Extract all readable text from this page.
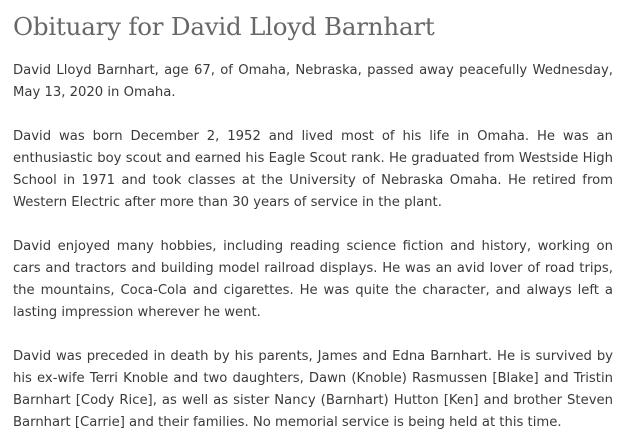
Obituary for David Lloyd Barnhart

David Lloyd Barnhart, age 67, of Omaha, Nebraska, passed away peacefully Wednesday, May 13, 2020 in Omaha.

David was born December 2, 1952 and lived most of his life in Omaha. He was an enthusiastic boy scout and earned his Eagle Scout rank. He graduated from Westside High School in 1971 and took classes at the University of Nebraska Omaha. He retired from Western Electric after more than 30 years of service in the plant.

David enjoyed many hobbies, including reading science fiction and history, working on cars and tractors and building model railroad displays. He was an avid lover of road trips, the mountains, Coca-Cola and cigarettes. He was quite the character, and always left a lasting impression wherever he went.

David was preceded in death by his parents, James and Edna Barnhart. He is survived by his ex-wife Terri Knoble and two daughters, Dawn (Knoble) Rasmussen [Blake] and Tristin Barnhart [Cody Rice], as well as sister Nancy (Barnhart) Hutton [Ken] and brother Steven Barnhart [Carrie] and their families. No memorial service is being held at this time.
